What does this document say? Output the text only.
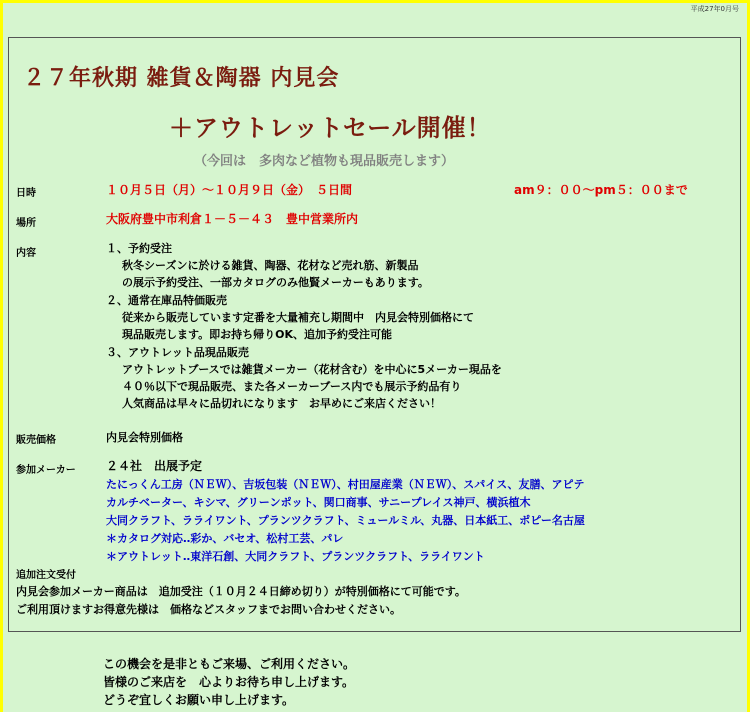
平成27年0月号
２７年秋期 雑貨＆陶器 内見会
＋アウトレットセール開催！
（今回は　多肉など植物も現品販売します）
日時	１０月５日（月）～１０月９日（金）　５日間	am９：００～pm５：００まで
場所	大阪府豊中市利倉１－５－４３　豊中営業所内
内容	１、予約受注
秋冬シーズンに於ける雑貨、陶器、花材など売れ筋、新製品
の展示予約受注、一部カタログのみ他賢メーカーもあります。
２、通常在庫品特価販売
従来から販売しています定番を大量補充し期間中　内見会特別価格にて
現品販売します。即お持ち帰りOK、追加予約受注可能
３、アウトレット品現品販売
アウトレットブースでは雑貨メーカー（花材含む）を中心に5メーカー現品を
４０％以下で現品販売、また各メーカーブース内でも展示予約品有り
人気商品は早々に品切れになります　お早めにご来店ください！
販売価格	内見会特別価格
参加メーカー	２４社　出展予定
たにっくん工房（ＮＥＷ）、吉坂包装（ＮＥＷ）、村田屋産業（ＮＥＷ）、スパイス、友膳、アピテ
カルチベーター、キシマ、グリーンポット、関口商事、サニープレイス神戸、横浜植木
大同クラフト、ラライワント、プランツクラフト、ミュールミル、丸器、日本紙工、ポピー名古屋
＊カタログ対応‥彩か、バセオ、松村工芸、パレ
＊アウトレット‥東洋石創、大同クラフト、プランツクラフト、ラライワント
追加注文受付
内見会参加メーカー商品は　追加受注（１０月２４日締め切り）が特別価格にて可能です。
ご利用頂けますお得意先様は　価格などスタッフまでお問い合わせください。
この機会を是非ともご来場、ご利用ください。
皆様のご来店を　心よりお待ち申し上げます。
どうぞ宜しくお願い申し上げます。
